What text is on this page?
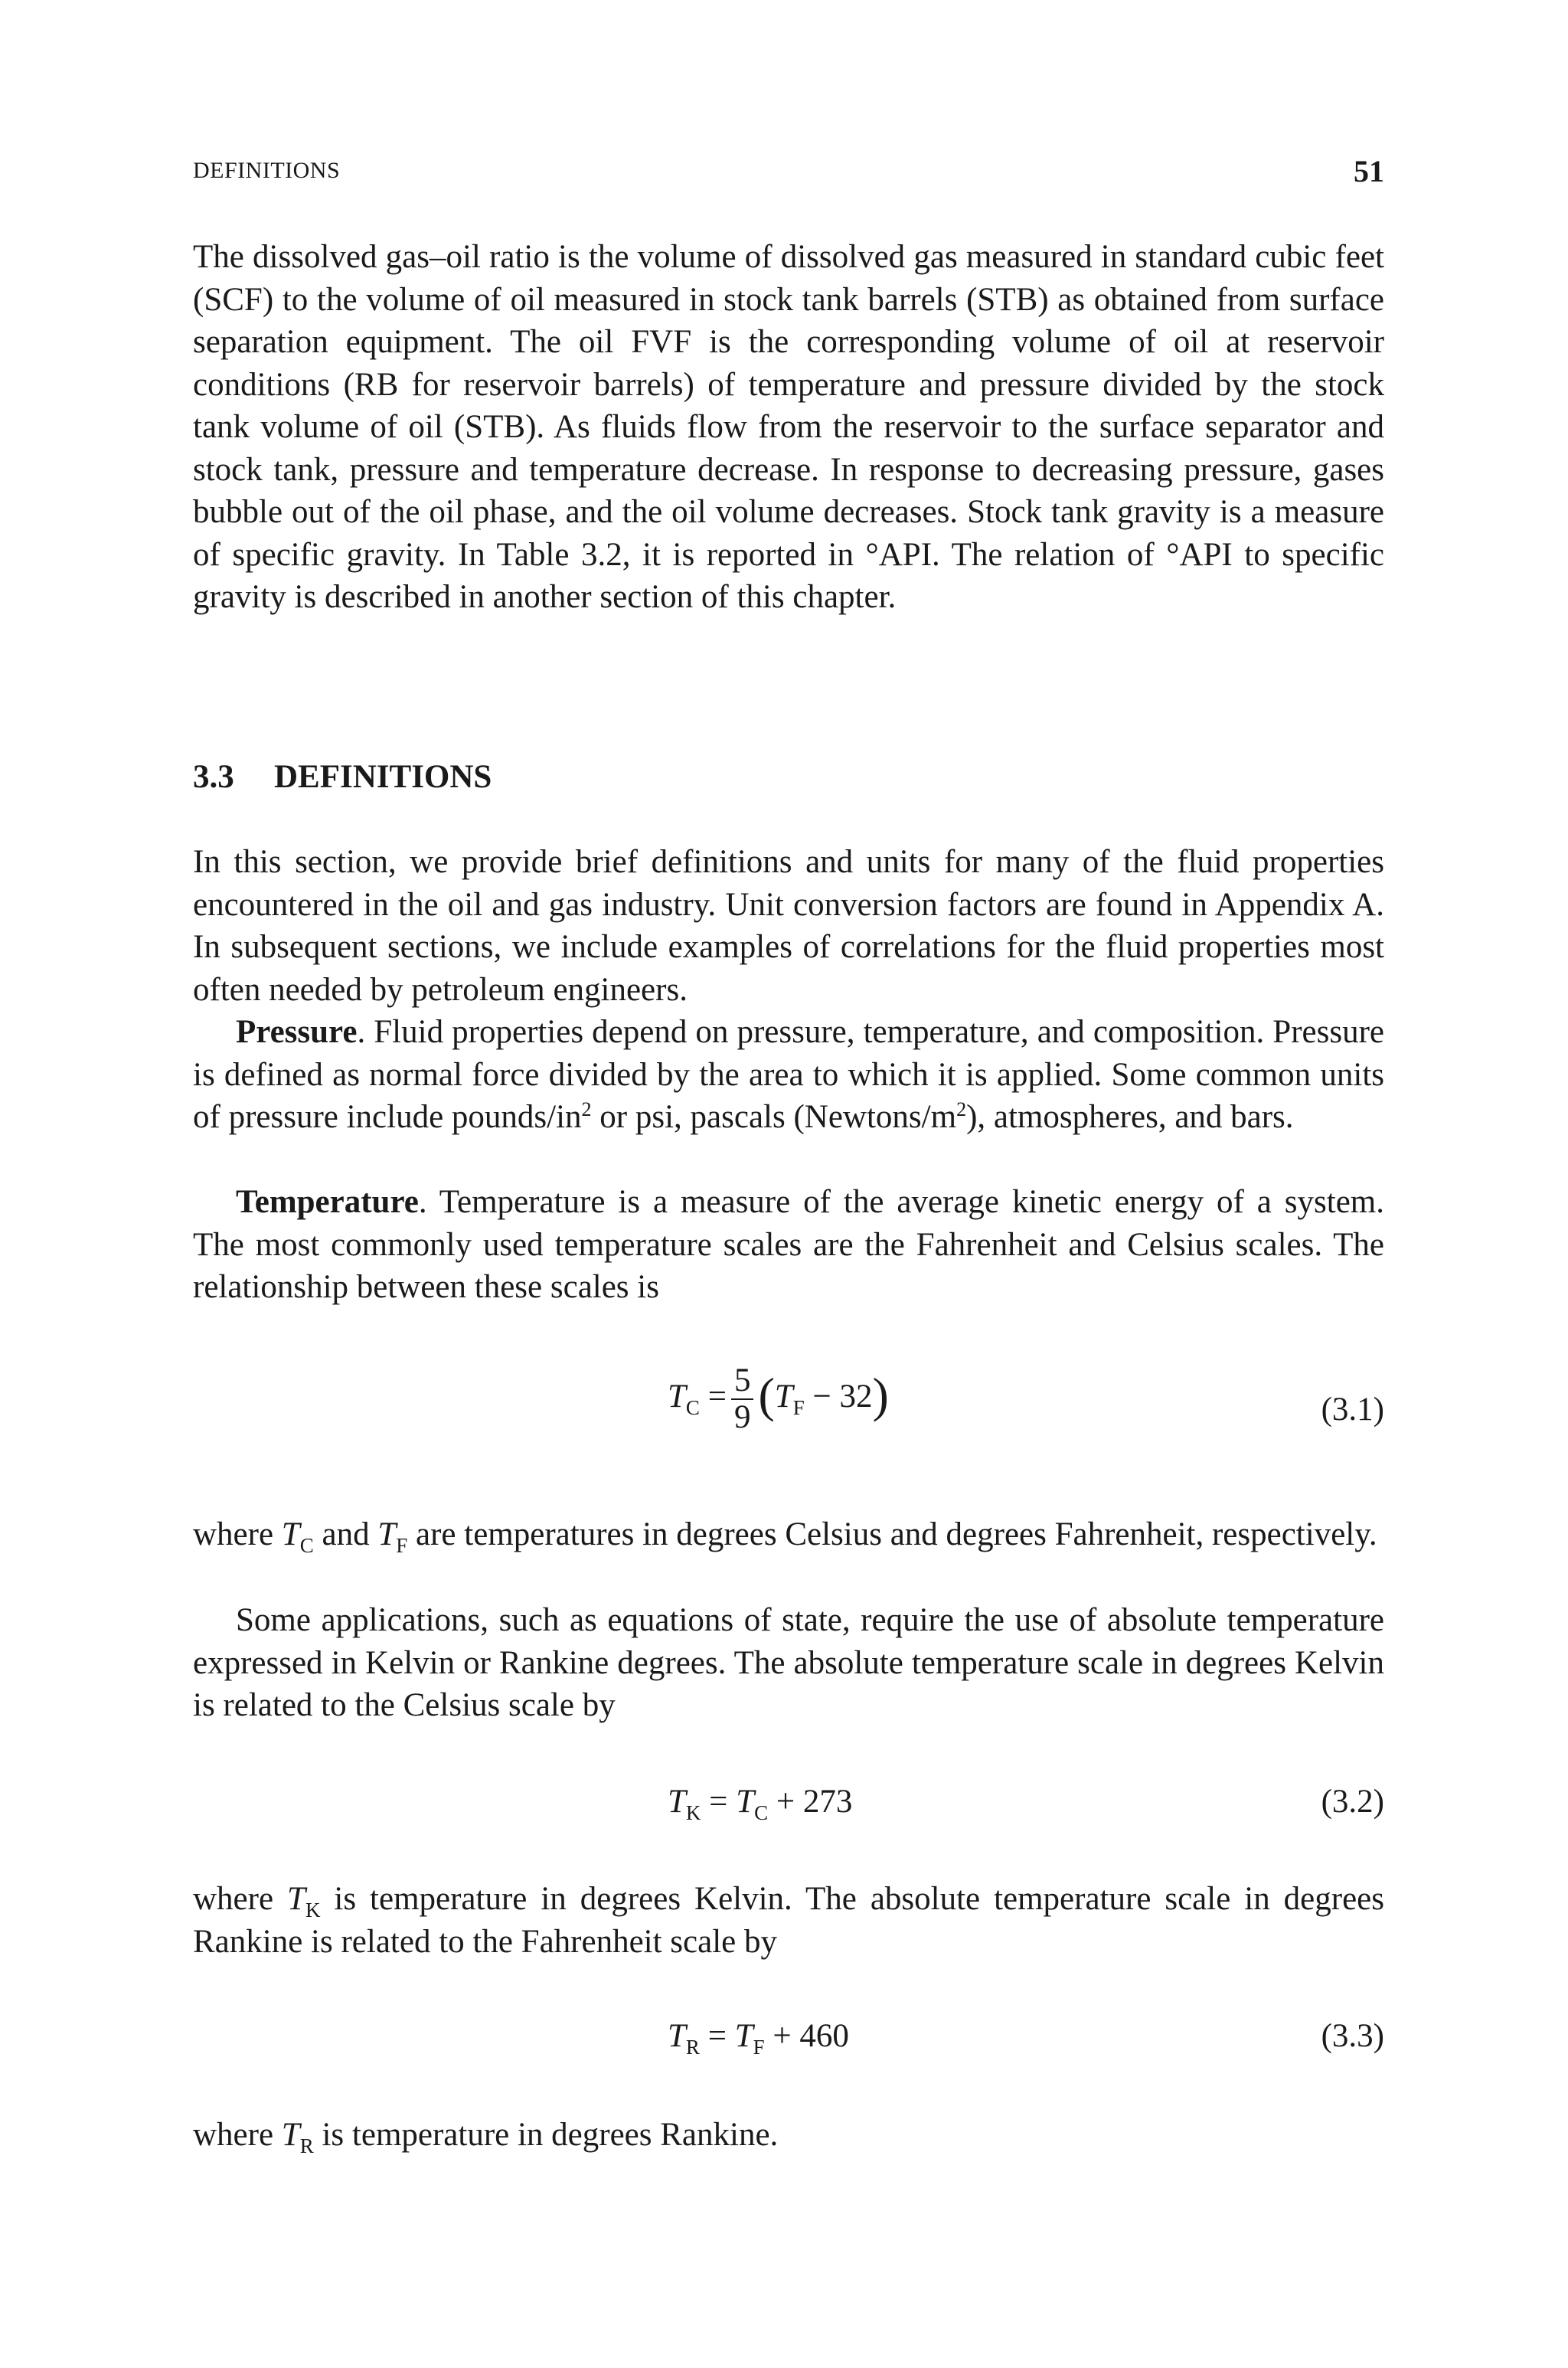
DEFINITIONS	51

The dissolved gas–oil ratio is the volume of dissolved gas measured in standard cubic feet (SCF) to the volume of oil measured in stock tank barrels (STB) as obtained from surface separation equipment. The oil FVF is the corresponding volume of oil at reservoir conditions (RB for reservoir barrels) of temperature and pressure divided by the stock tank volume of oil (STB). As fluids flow from the reservoir to the surface separator and stock tank, pressure and temperature decrease. In response to decreasing pressure, gases bubble out of the oil phase, and the oil volume decreases. Stock tank gravity is a measure of specific gravity. In Table 3.2, it is reported in °API. The relation of °API to specific gravity is described in another section of this chapter.

3.3 DEFINITIONS

In this section, we provide brief definitions and units for many of the fluid properties encountered in the oil and gas industry. Unit conversion factors are found in Appendix A. In subsequent sections, we include examples of correlations for the fluid properties most often needed by petroleum engineers.

Pressure. Fluid properties depend on pressure, temperature, and composition. Pressure is defined as normal force divided by the area to which it is applied. Some common units of pressure include pounds/$in^2$ or psi, pascals $(Newtons/m^2)$, atmospheres, and bars.

Temperature. Temperature is a measure of the average kinetic energy of a system. The most commonly used temperature scales are the Fahrenheit and Celsius scales. The relationship between these scales is

$T_C = \frac{5}{9} (T_F - 32)$	(3.1)

where $T_C$ and $T_F$ are temperatures in degrees Celsius and degrees Fahrenheit, respectively.

Some applications, such as equations of state, require the use of absolute temperature expressed in Kelvin or Rankine degrees. The absolute temperature scale in degrees Kelvin is related to the Celsius scale by

$T_K = T_C + 273$	(3.2)

where $T_K$ is temperature in degrees Kelvin. The absolute temperature scale in degrees Rankine is related to the Fahrenheit scale by

$T_R = T_F + 460$	(3.3)

where $T_R$ is temperature in degrees Rankine.
